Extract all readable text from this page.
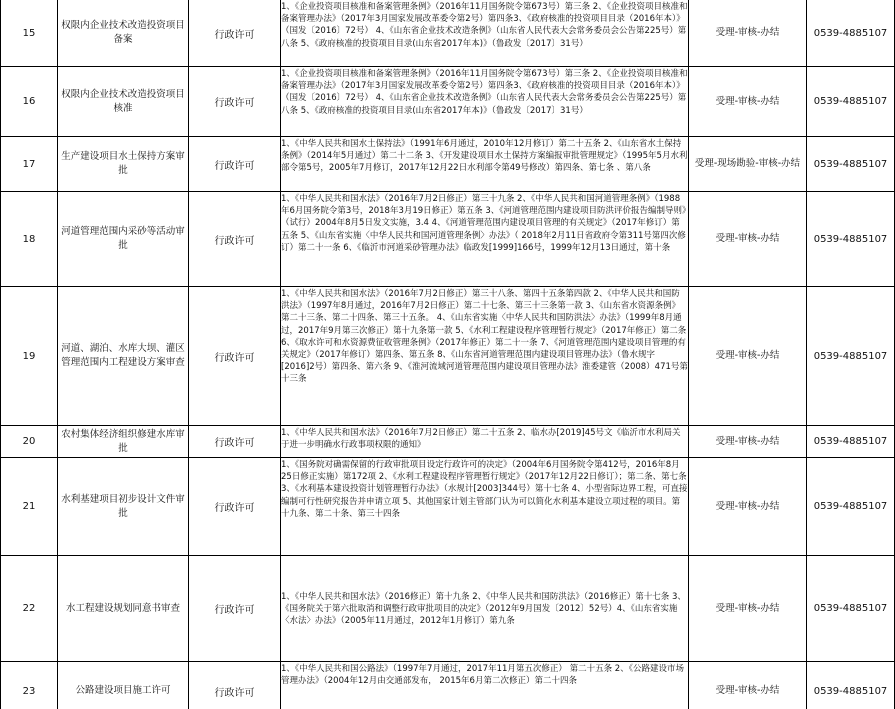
15	权限内企业技术改造投资项目备案	行政许可	1、《企业投资项目核准和备案管理条例》（2016年11月国务院令第673号）第三条 2、《企业投资项目核准和备案管理办法》（2017年3月国家发展改革委令第2号）第四条3、《政府核准的投资项目目录（2016年本）》（国发〔2016〕72号） 4、《山东省企业技术改造条例》（山东省人民代表大会常务委员会公告第225号）第八条 5、《政府核准的投资项目目录(山东省2017年本)》（鲁政发〔2017〕31号）	受理-审核-办结	0539-4885107
16	权限内企业技术改造投资项目核准	行政许可	1、《企业投资项目核准和备案管理条例》（2016年11月国务院令第673号）第三条 2、《企业投资项目核准和备案管理办法》（2017年3月国家发展改革委令第2号）第四条3、《政府核准的投资项目目录（2016年本）》（国发〔2016〕72号） 4、《山东省企业技术改造条例》（山东省人民代表大会常务委员会公告第225号）第八条 5、《政府核准的投资项目目录(山东省2017年本)》（鲁政发〔2017〕31号）	受理-审核-办结	0539-4885107
17	生产建设项目水土保持方案审批	行政许可	1、《中华人民共和国水土保持法》（1991年6月通过，2010年12月修订）第二十五条 2、《山东省水土保持条例》（2014年5月通过）第二十二条 3、《开发建设项目水土保持方案编报审批管理规定》（1995年5月水利部令第5号，2005年7月修订，2017年12月22日水利部令第49号修改）第四条、第七条 、第八条	受理-现场勘验-审核-办结	0539-4885107
18	河道管理范围内采砂等活动审批	行政许可	1、《中华人民共和国水法》（2016年7月2日修正）第三十九条 2、《中华人民共和国河道管理条例》（1988年6月国务院令第3号，2018年3月19日修正）第五条 3、《河道管理范围内建设项目防洪评价报告编制导则》（试行）2004年8月5日发文实施，3.4 4、《河道管理范围内建设项目管理的有关规定》（2017年修订）第五条 5、《山东省实施〈中华人民共和国河道管理条例〉办法》（ 2018年2月11日省政府令第311号第四次修订）第二十一条 6、《临沂市河道采砂管理办法》临政发[1999]166号，1999年12月13日通过，第十条	受理-审核-办结	0539-4885107
19	河道、湖泊、水库大坝、灌区管理范围内工程建设方案审查	行政许可	1、《中华人民共和国水法》（2016年7月2日修正）第三十八条、第四十五条第四款 2、《中华人民共和国防洪法》（1997年8月通过，2016年7月2日修正）第二十七条、第三十三条第一款 3、《山东省水资源条例》第二十三条、第二十四条、第三十五条。 4、《山东省实施〈中华人民共和国防洪法〉办法》（1999年8月通过，2017年9月第三次修正）第十九条第一款 5、《水利工程建设程序管理暂行规定》（2017年修正）第二条 6、《取水许可和水资源费征收管理条例》（2017年修正）第二十一条 7、《河道管理范围内建设项目管理的有关规定》（2017年修订）第四条、第五条 8、《山东省河道管理范围内建设项目管理办法》（鲁水规字[2016]2号）第四条、第六条 9、《淮河流域河道管理范围内建设项目管理办法》淮委建管（2008）471号第十三条	受理-审核-办结	0539-4885107
20	农村集体经济组织修建水库审批	行政许可	1、《中华人民共和国水法》（2016年7月2日修正）第二十五条 2、临水办[2019]45号文《临沂市水利局关于进一步明确水行政事项权限的通知》	受理-审核-办结	0539-4885107
21	水利基建项目初步设计文件审批	行政许可	1、《国务院对确需保留的行政审批项目设定行政许可的决定》（2004年6月国务院令第412号，2016年8月25日修正实施）第172项 2、《水利工程建设程序管理暂行规定》（2017年12月22日修订）；第二条、第七条 3、《水利基本建设投资计划管理暂行办法》（水规计[2003]344号）第十七条 4、小型省际边界工程，可直接编制可行性研究报告并申请立项 5、其他国家计划主管部门认为可以简化水利基本建设立项过程的项目。第十九条、第二十条、第三十四条	受理-审核-办结	0539-4885107
22	水工程建设规划同意书审查	行政许可	1、《中华人民共和国水法》（2016修正）第十九条 2、《中华人民共和国防洪法》（2016修正）第十七条 3、《国务院关于第六批取消和调整行政审批项目的决定》（2012年9月国发〔2012〕52号）4、《山东省实施〈水法〉办法》（2005年11月通过，2012年1月修订）第九条	受理-审核-办结	0539-4885107
23	公路建设项目施工许可	行政许可	1、《中华人民共和国公路法》（1997年7月通过，2017年11月第五次修正） 第二十五条 2、《公路建设市场管理办法》（2004年12月由交通部发布， 2015年6月第二次修正）第二十四条	受理-审核-办结	0539-4885107
